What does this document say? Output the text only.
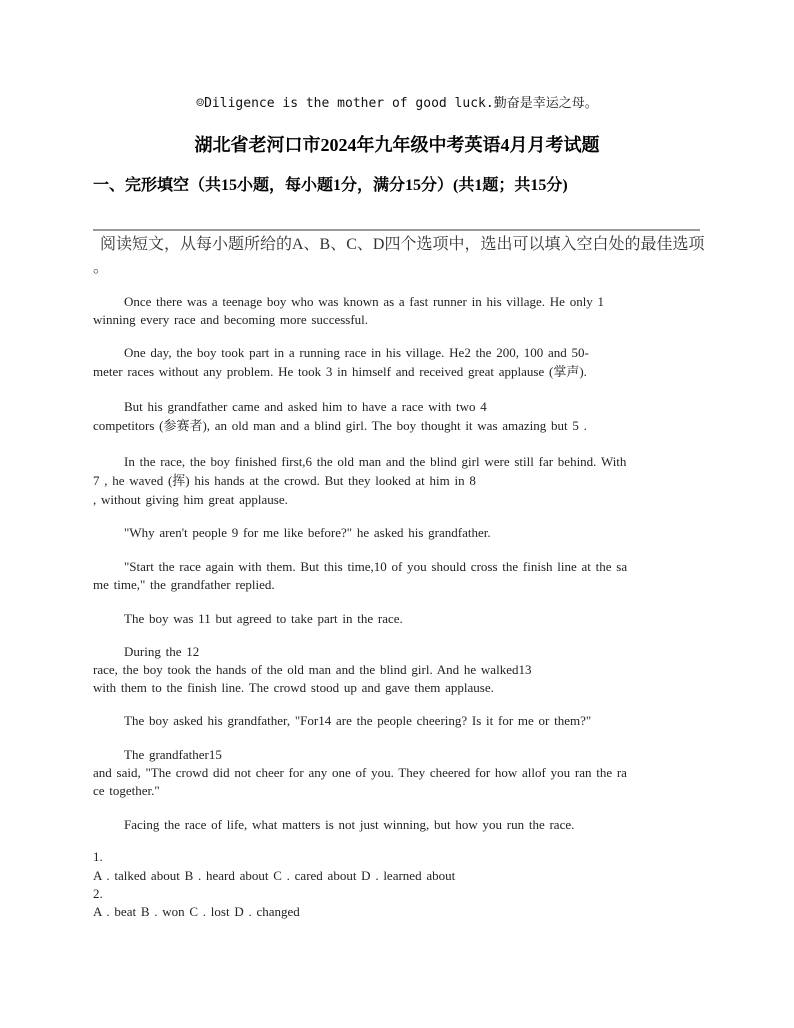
☺Diligence is the mother of good luck.勤奋是幸运之母。
湖北省老河口市2024年九年级中考英语4月月考试题
一、完形填空（共15小题，每小题1分，满分15分）(共1题；共15分)
阅读短文，从每小题所给的A、B、C、D四个选项中，选出可以填入空白处的最佳选项
。
Once there was a teenage boy who was known as a fast runner in his village. He only 1
winning every race and becoming more successful.
One day, the boy took part in a running race in his village. He2 the 200, 100 and 50-
meter races without any problem. He took 3 in himself and received great applause (掌声).
But his grandfather came and asked him to have a race with two 4
competitors (参赛者), an old man and a blind girl. The boy thought it was amazing but 5 .
In the race, the boy finished first,6 the old man and the blind girl were still far behind. With
7 , he waved (挥) his hands at the crowd. But they looked at him in 8
, without giving him great applause.
"Why aren't people 9 for me like before?" he asked his grandfather.
"Start the race again with them. But this time,10 of you should cross the finish line at the sa
me time," the grandfather replied.
The boy was 11 but agreed to take part in the race.
During the 12
race, the boy took the hands of the old man and the blind girl. And he walked13
with them to the finish line. The crowd stood up and gave them applause.
The boy asked his grandfather, "For14 are the people cheering? Is it for me or them?"
The grandfather15
and said, "The crowd did not cheer for any one of you. They cheered for how allof you ran the ra
ce together."
Facing the race of life, what matters is not just winning, but how you run the race.
1.
A . talked about B . heard about C . cared about D . learned about
2.
A . beat B . won C . lost D . changed
